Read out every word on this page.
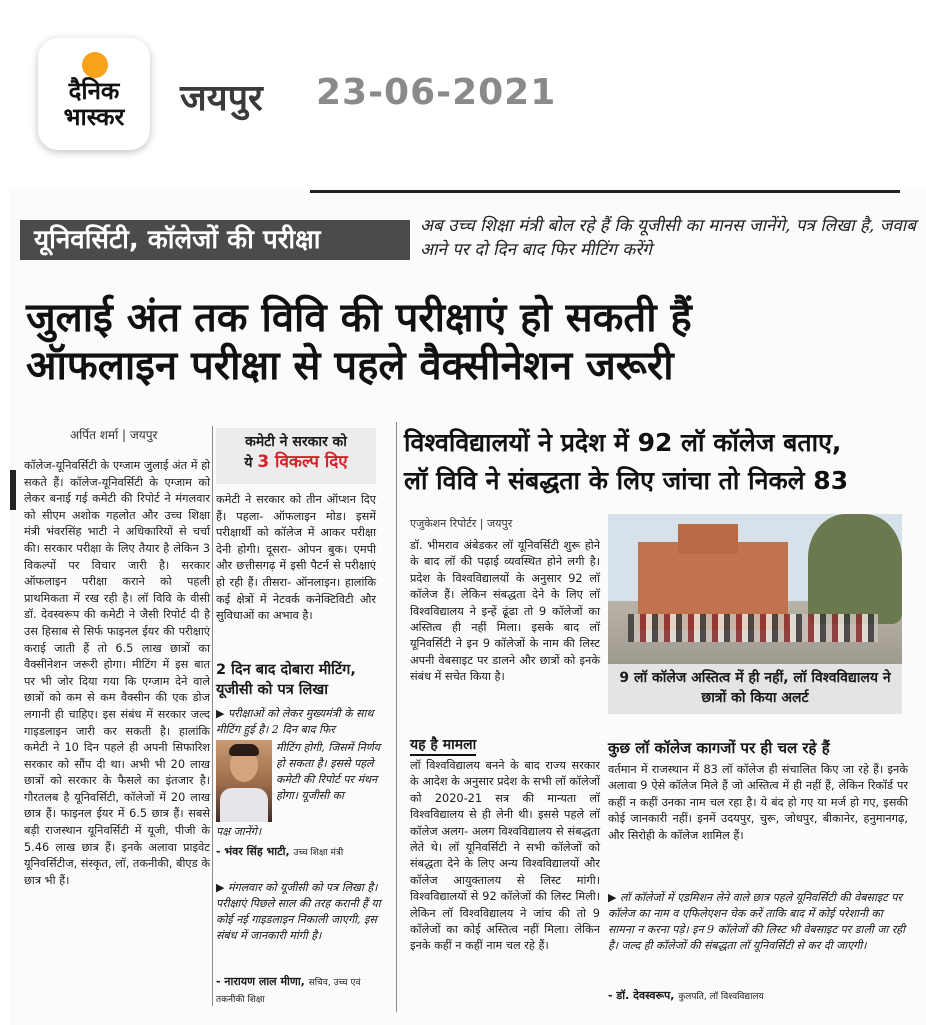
दैनिक
भास्कर	जयपुर 23-06-2021
यूनिवर्सिटी, कॉलेजों की परीक्षा	अब उच्च शिक्षा मंत्री बोल रहे हैं कि यूजीसी का मानस जानेंगे, पत्र लिखा है, जवाब आने पर दो दिन बाद फिर मीटिंग करेंगे
जुलाई अंत तक विवि की परीक्षाएं हो सकती हैं
ऑफलाइन परीक्षा से पहले वैक्सीनेशन जरूरी
अर्पित शर्मा | जयपुर
कॉलेज-यूनिवर्सिटी के एग्जाम जुलाई अंत में हो सकते हैं। कॉलेज-यूनिवर्सिटी के एग्जाम को लेकर बनाई गई कमेटी की रिपोर्ट ने मंगलवार को सीएम अशोक गहलोत और उच्च शिक्षा मंत्री भंवरसिंह भाटी ने अधिकारियों से चर्चा की। सरकार परीक्षा के लिए तैयार है लेकिन 3 विकल्पों पर विचार जारी है। सरकार ऑफलाइन परीक्षा कराने को पहली प्राथमिकता में रख रही है। लॉ विवि के वीसी डॉ. देवस्वरूप की कमेटी ने जैसी रिपोर्ट दी है उस हिसाब से सिर्फ फाइनल ईयर की परीक्षाएं कराई जाती हैं तो 6.5 लाख छात्रों का वैक्सीनेशन जरूरी होगा। मीटिंग में इस बात पर भी जोर दिया गया कि एग्जाम देने वाले छात्रों को कम से कम वैक्सीन की एक डोज लगानी ही चाहिए। इस संबंध में सरकार जल्द गाइडलाइन जारी कर सकती है। हालांकि कमेटी ने 10 दिन पहले ही अपनी सिफारिश सरकार को सौंप दी था। अभी भी 20 लाख छात्रों को सरकार के फैसले का इंतजार है। गौरतलब है यूनिवर्सिटी, कॉलेजों में 20 लाख छात्र हैं। फाइनल ईयर में 6.5 छात्र हैं। सबसे बड़ी राजस्थान यूनिवर्सिटी में यूजी, पीजी के 5.46 लाख छात्र हैं। इनके अलावा प्राइवेट यूनिवर्सिटीज, संस्कृत, लॉ, तकनीकी, बीएड के छात्र भी हैं।
कमेटी ने सरकार को
ये 3 विकल्प दिए
कमेटी ने सरकार को तीन ऑप्शन दिए हैं। पहला- ऑफलाइन मोड। इसमें परीक्षार्थी को कॉलेज में आकर परीक्षा देनी होगी। दूसरा- ओपन बुक। एमपी और छत्तीसगढ़ में इसी पैटर्न से परीक्षाएं हो रही हैं। तीसरा- ऑनलाइन। हालांकि कई क्षेत्रों में नेटवर्क कनेक्टिविटी और सुविधाओं का अभाव है।
2 दिन बाद दोबारा मीटिंग, यूजीसी को पत्र लिखा
▶ परीक्षाओं को लेकर मुख्यमंत्री के साथ मीटिंग हुई है। 2 दिन बाद फिर
मीटिंग होगी, जिसमें निर्णय हो सकता है। इससे पहले कमेटी की रिपोर्ट पर मंथन होगा। यूजीसी का
पक्ष जानेंगे।
- भंवर सिंह भाटी, उच्च शिक्षा मंत्री
▶ मंगलवार को यूजीसी को पत्र लिखा है। परीक्षाएं पिछले साल की तरह करानी हैं या कोई नई गाइडलाइन निकाली जाएगी, इस संबंध में जानकारी मांगी है।
- नारायण लाल मीणा, सचिव, उच्च एवं तकनीकी शिक्षा
विश्वविद्यालयों ने प्रदेश में 92 लॉ कॉलेज बताए,
लॉ विवि ने संबद्धता के लिए जांचा तो निकले 83
एजुकेशन रिपोर्टर | जयपुर
डॉ. भीमराव अंबेडकर लॉ यूनिवर्सिटी शुरू होने के बाद लॉ की पढ़ाई व्यवस्थित होने लगी है। प्रदेश के विश्वविद्यालयों के अनुसार 92 लॉ कॉलेज हैं। लेकिन संबद्धता देने के लिए लॉ विश्वविद्यालय ने इन्हें ढूंढा तो 9 कॉलेजों का अस्तित्व ही नहीं मिला। इसके बाद लॉ यूनिवर्सिटी ने इन 9 कॉलेजों के नाम की लिस्ट अपनी वेबसाइट पर डालने और छात्रों को इनके संबंध में सचेत किया है।
यह है मामला
लॉ विश्वविद्यालय बनने के बाद राज्य सरकार के आदेश के अनुसार प्रदेश के सभी लॉ कॉलेजों को 2020-21 सत्र की मान्यता लॉ विश्वविद्यालय से ही लेनी थी। इससे पहले लॉ कॉलेज अलग- अलग विश्वविद्यालय से संबद्धता लेते थे। लॉ यूनिवर्सिटी ने सभी कॉलेजों को संबद्धता देने के लिए अन्य विश्वविद्यालयों और कॉलेज आयुक्तालय से लिस्ट मांगी। विश्वविद्यालयों से 92 कॉलेजों की लिस्ट मिली। लेकिन लॉ विश्वविद्यालय ने जांच की तो 9 कॉलेजों का कोई अस्तित्व नहीं मिला। लेकिन इनके कहीं न कहीं नाम चल रहे हैं।
9 लॉ कॉलेज अस्तित्व में ही नहीं, लॉ विश्वविद्यालय ने छात्रों को किया अलर्ट
कुछ लॉ कॉलेज कागजों पर ही चल रहे हैं
वर्तमान में राजस्थान में 83 लॉ कॉलेज ही संचालित किए जा रहे हैं। इनके अलावा 9 ऐसे कॉलेज मिले हैं जो अस्तित्व में ही नहीं हैं, लेकिन रिकॉर्ड पर कहीं न कहीं उनका नाम चल रहा है। ये बंद हो गए या मर्ज हो गए, इसकी कोई जानकारी नहीं। इनमें उदयपुर, चुरू, जोधपुर, बीकानेर, हनुमानगढ़, और सिरोही के कॉलेज शामिल हैं।
▶ लॉ कॉलेजों में एडमिशन लेने वाले छात्र पहले यूनिवर्सिटी की वेबसाइट पर कॉलेज का नाम व एफिलेएशन चेक करें ताकि बाद में कोई परेशानी का सामना न करना पड़े। इन 9 कॉलेजों की लिस्ट भी वेबसाइट पर डाली जा रही है। जल्द ही कॉलेजों की संबद्धता लॉ यूनिवर्सिटी से कर दी जाएगी।
- डॉ. देवस्वरूप, कुलपति, लॉ विश्वविद्यालय
